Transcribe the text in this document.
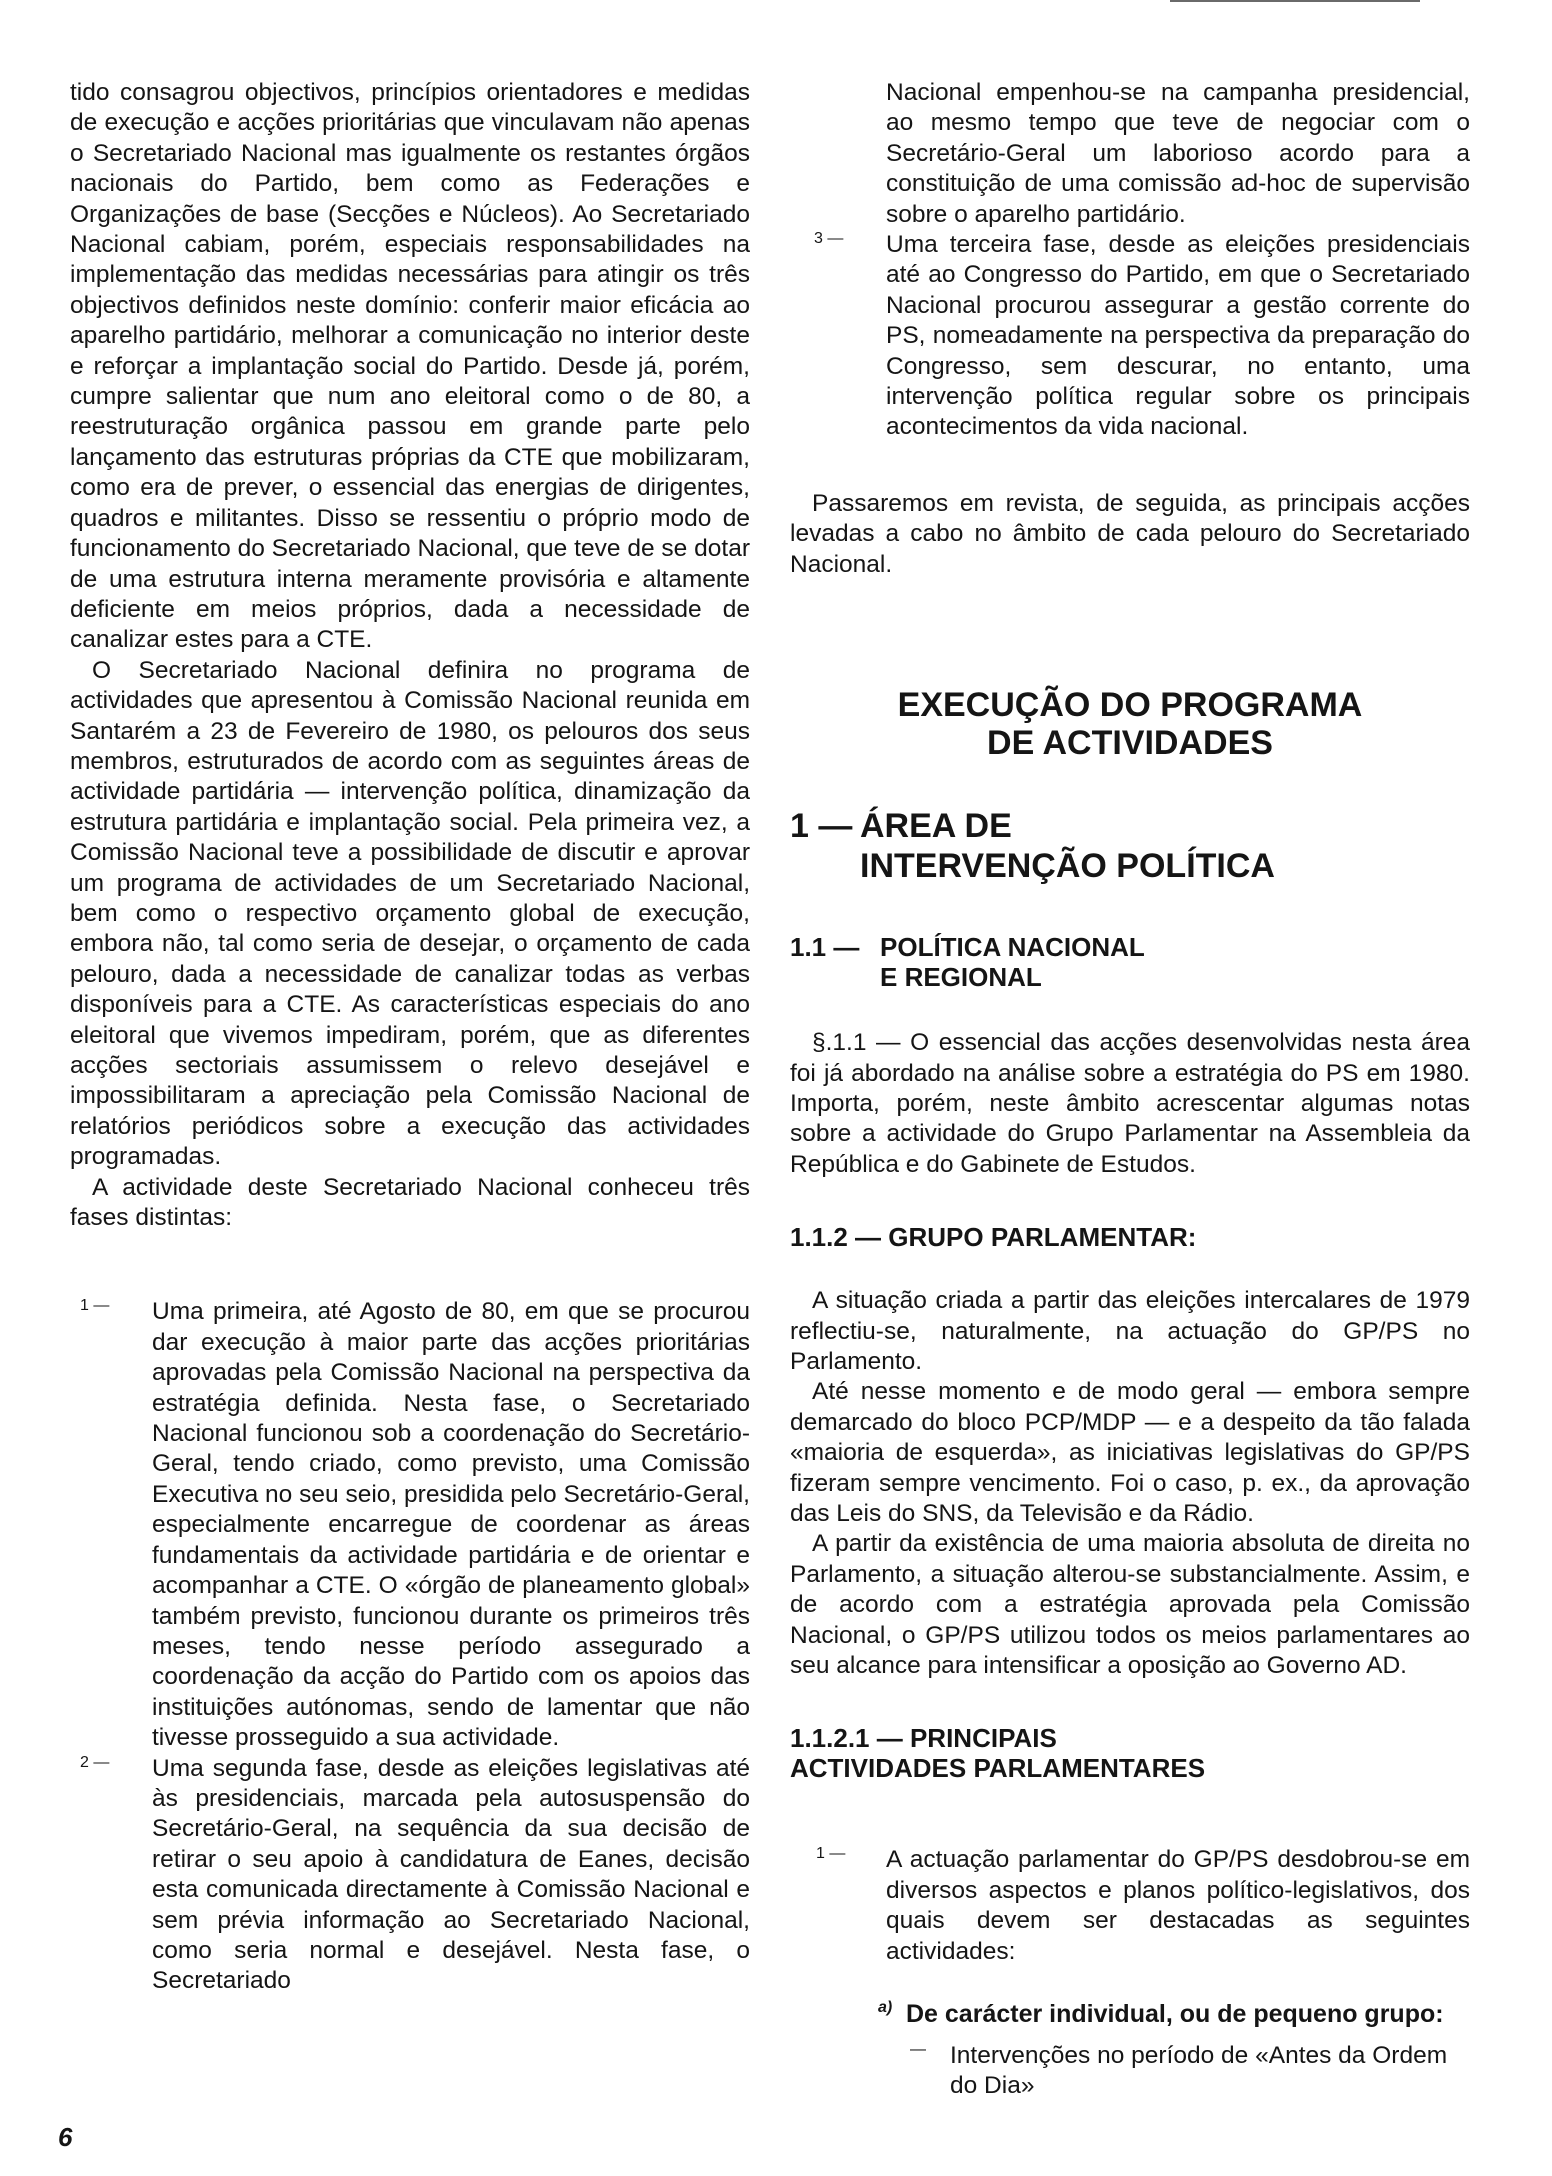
tido consagrou objectivos, princípios orientadores e medidas de execução e acções prioritárias que vinculavam não apenas o Secretariado Nacional mas igualmente os restantes órgãos nacionais do Partido, bem como as Federações e Organizações de base (Secções e Núcleos). Ao Secretariado Nacional cabiam, porém, especiais responsabilidades na implementação das medidas necessárias para atingir os três objectivos definidos neste domínio: conferir maior eficácia ao aparelho partidário, melhorar a comunicação no interior deste e reforçar a implantação social do Partido. Desde já, porém, cumpre salientar que num ano eleitoral como o de 80, a reestruturação orgânica passou em grande parte pelo lançamento das estruturas próprias da CTE que mobilizaram, como era de prever, o essencial das energias de dirigentes, quadros e militantes. Disso se ressentiu o próprio modo de funcionamento do Secretariado Nacional, que teve de se dotar de uma estrutura interna meramente provisória e altamente deficiente em meios próprios, dada a necessidade de canalizar estes para a CTE.

O Secretariado Nacional definira no programa de actividades que apresentou à Comissão Nacional reunida em Santarém a 23 de Fevereiro de 1980, os pelouros dos seus membros, estruturados de acordo com as seguintes áreas de actividade partidária — intervenção política, dinamização da estrutura partidária e implantação social. Pela primeira vez, a Comissão Nacional teve a possibilidade de discutir e aprovar um programa de actividades de um Secretariado Nacional, bem como o respectivo orçamento global de execução, embora não, tal como seria de desejar, o orçamento de cada pelouro, dada a necessidade de canalizar todas as verbas disponíveis para a CTE. As características especiais do ano eleitoral que vivemos impediram, porém, que as diferentes acções sectoriais assumissem o relevo desejável e impossibilitaram a apreciação pela Comissão Nacional de relatórios periódicos sobre a execução das actividades programadas.

A actividade deste Secretariado Nacional conheceu três fases distintas:

1 — Uma primeira, até Agosto de 80, em que se procurou dar execução à maior parte das acções prioritárias aprovadas pela Comissão Nacional na perspectiva da estratégia definida. Nesta fase, o Secretariado Nacional funcionou sob a coordenação do Secretário-Geral, tendo criado, como previsto, uma Comissão Executiva no seu seio, presidida pelo Secretário-Geral, especialmente encarregue de coordenar as áreas fundamentais da actividade partidária e de orientar e acompanhar a CTE. O «órgão de planeamento global» também previsto, funcionou durante os primeiros três meses, tendo nesse período assegurado a coordenação da acção do Partido com os apoios das instituições autónomas, sendo de lamentar que não tivesse prosseguido a sua actividade.

2 — Uma segunda fase, desde as eleições legislativas até às presidenciais, marcada pela autosuspensão do Secretário-Geral, na sequência da sua decisão de retirar o seu apoio à candidatura de Eanes, decisão esta comunicada directamente à Comissão Nacional e sem prévia informação ao Secretariado Nacional, como seria normal e desejável. Nesta fase, o Secretariado

Nacional empenhou-se na campanha presidencial, ao mesmo tempo que teve de negociar com o Secretário-Geral um laborioso acordo para a constituição de uma comissão ad-hoc de supervisão sobre o aparelho partidário.

3 — Uma terceira fase, desde as eleições presidenciais até ao Congresso do Partido, em que o Secretariado Nacional procurou assegurar a gestão corrente do PS, nomeadamente na perspectiva da preparação do Congresso, sem descurar, no entanto, uma intervenção política regular sobre os principais acontecimentos da vida nacional.

Passaremos em revista, de seguida, as principais acções levadas a cabo no âmbito de cada pelouro do Secretariado Nacional.

EXECUÇÃO DO PROGRAMA
DE ACTIVIDADES
1 — ÁREA DE
INTERVENÇÃO POLÍTICA
1.1 — POLÍTICA NACIONAL
E REGIONAL

§.1.1 — O essencial das acções desenvolvidas nesta área foi já abordado na análise sobre a estratégia do PS em 1980. Importa, porém, neste âmbito acrescentar algumas notas sobre a actividade do Grupo Parlamentar na Assembleia da República e do Gabinete de Estudos.

1.1.2 — GRUPO PARLAMENTAR:

A situação criada a partir das eleições intercalares de 1979 reflectiu-se, naturalmente, na actuação do GP/PS no Parlamento.

Até nesse momento e de modo geral — embora sempre demarcado do bloco PCP/MDP — e a despeito da tão falada «maioria de esquerda», as iniciativas legislativas do GP/PS fizeram sempre vencimento. Foi o caso, p. ex., da aprovação das Leis do SNS, da Televisão e da Rádio.

A partir da existência de uma maioria absoluta de direita no Parlamento, a situação alterou-se substancialmente. Assim, e de acordo com a estratégia aprovada pela Comissão Nacional, o GP/PS utilizou todos os meios parlamentares ao seu alcance para intensificar a oposição ao Governo AD.

1.1.2.1 — PRINCIPAIS
ACTIVIDADES PARLAMENTARES
1 — A actuação parlamentar do GP/PS desdobrou-se em diversos aspectos e planos político-legislativos, dos quais devem ser destacadas as seguintes actividades:

a) De carácter individual, ou de pequeno grupo:
— Intervenções no período de «Antes da Ordem do Dia»

6
